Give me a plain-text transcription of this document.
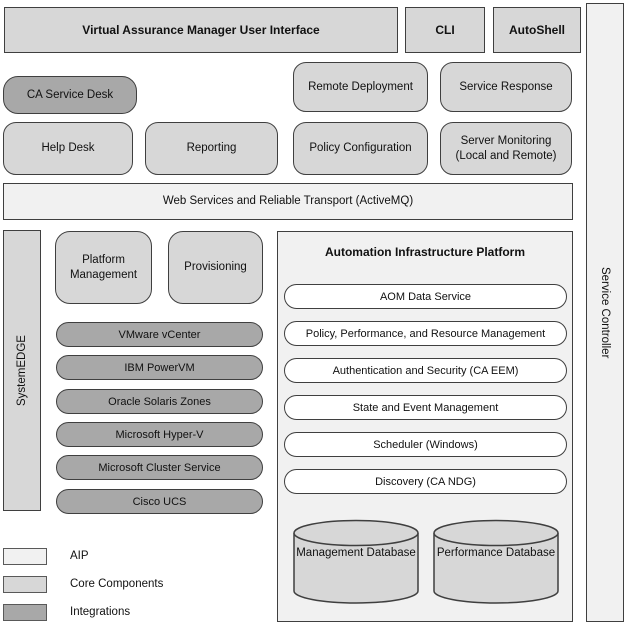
Virtual Assurance Manager User Interface	CLI	AutoShell
Service Controller
CA Service Desk
Remote Deployment	Service Response
Help Desk	Reporting	Policy Configuration
Server Monitoring (Local and Remote)
Web Services and Reliable Transport (ActiveMQ)
SystemEDGE
Platform Management
Provisioning
VMware vCenter
IBM PowerVM
Oracle Solaris Zones
Microsoft Hyper-V
Microsoft Cluster Service
Cisco UCS
Automation Infrastructure Platform
AOM Data Service
Policy, Performance, and Resource Management
Authentication and Security (CA EEM)
State and Event Management
Scheduler (Windows)
Discovery (CA NDG)
Management Database	Performance Database
AIP
Core Components
Integrations
